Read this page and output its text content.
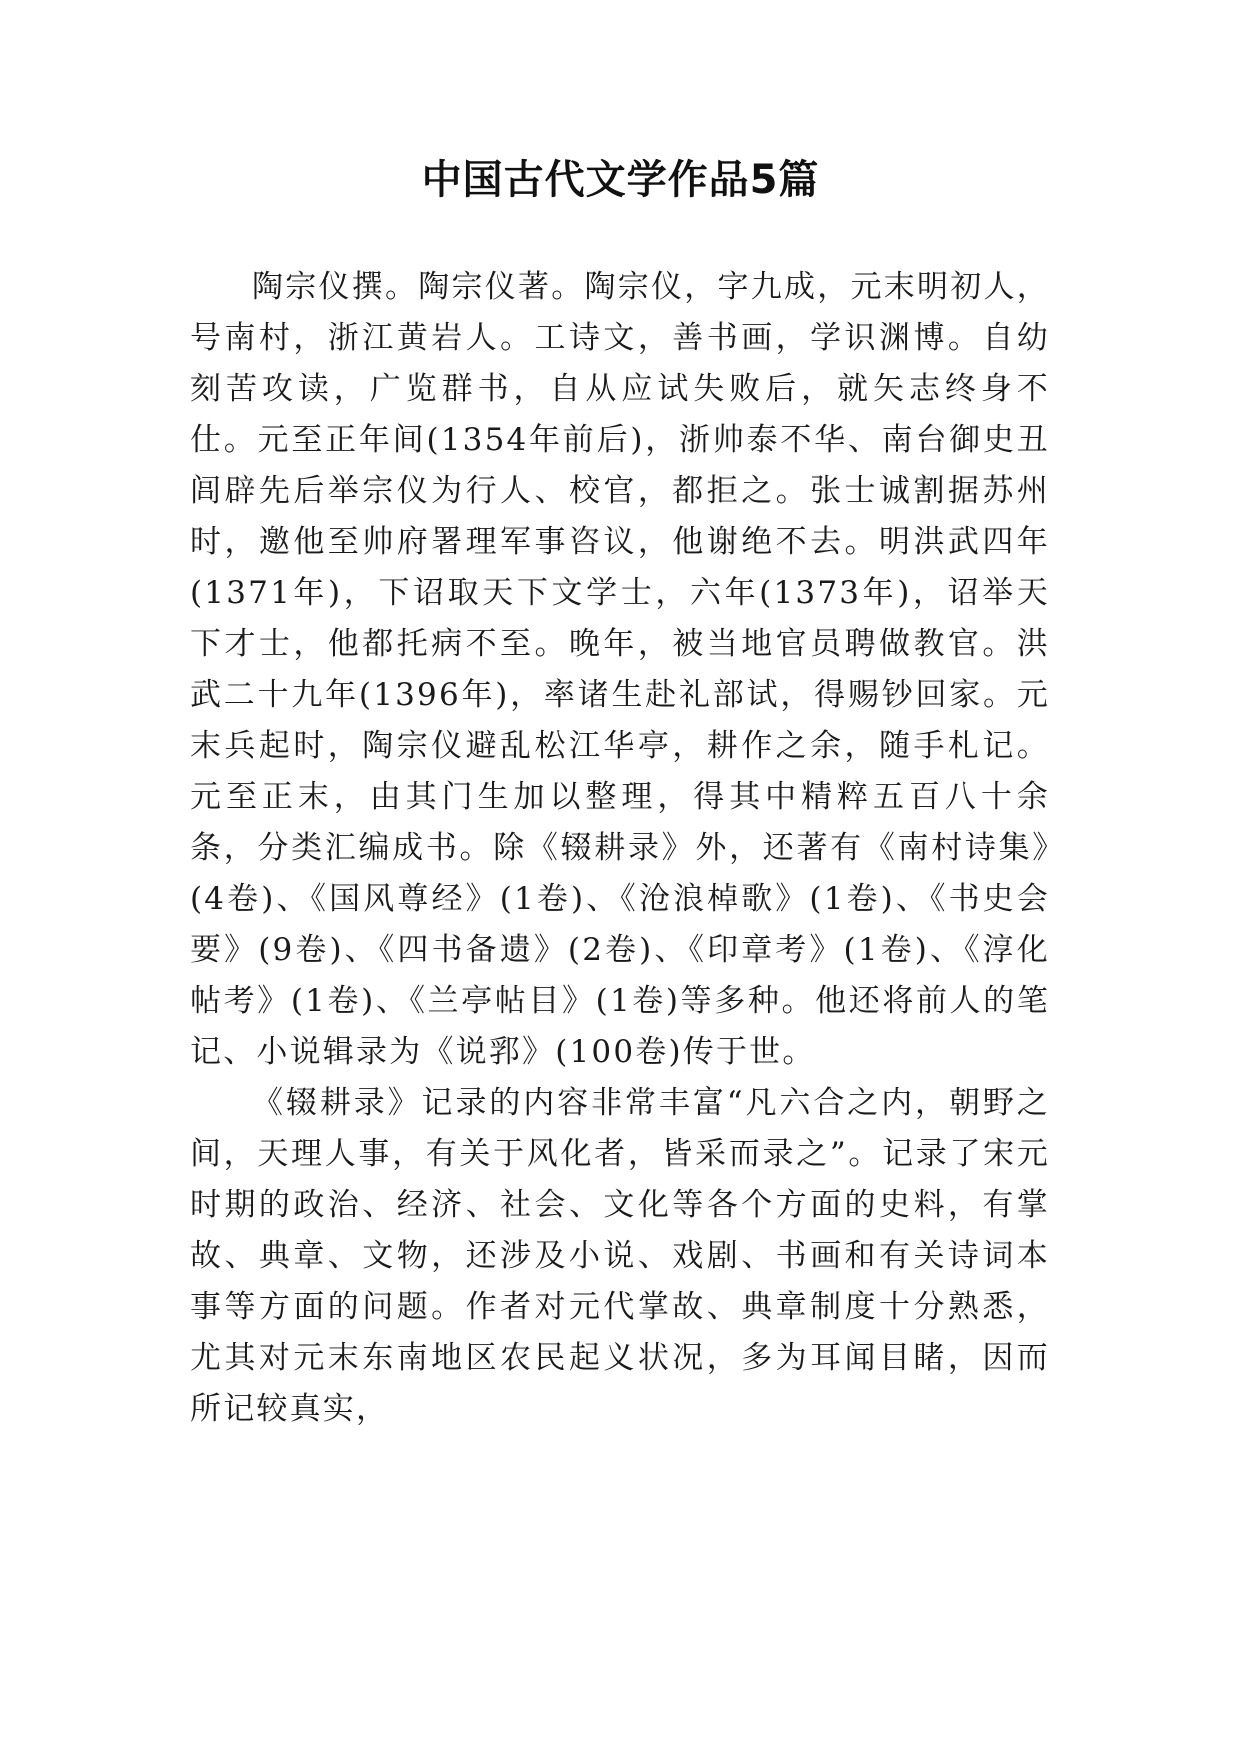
中国古代文学作品5篇

陶宗仪撰。陶宗仪著。陶宗仪，字九成，元末明初人，号南村，浙江黄岩人。工诗文，善书画，学识渊博。自幼刻苦攻读，广览群书，自从应试失败后，就矢志终身不仕。元至正年间(1354年前后)，浙帅泰不华、南台御史丑闾辟先后举宗仪为行人、校官，都拒之。张士诚割据苏州时，邀他至帅府署理军事咨议，他谢绝不去。明洪武四年(1371年)，下诏取天下文学士，六年(1373年)，诏举天下才士，他都托病不至。晚年，被当地官员聘做教官。洪武二十九年(1396年)，率诸生赴礼部试，得赐钞回家。元末兵起时，陶宗仪避乱松江华亭，耕作之余，随手札记。元至正末，由其门生加以整理，得其中精粹五百八十余条，分类汇编成书。除《辍耕录》外，还著有《南村诗集》(4卷)、《国风尊经》(1卷)、《沧浪棹歌》(1卷)、《书史会要》(9卷)、《四书备遗》(2卷)、《印章考》(1卷)、《淳化帖考》(1卷)、《兰亭帖目》(1卷)等多种。他还将前人的笔记、小说辑录为《说郛》(100卷)传于世。

《辍耕录》记录的内容非常丰富“凡六合之内，朝野之间，天理人事，有关于风化者，皆采而录之”。记录了宋元时期的政治、经济、社会、文化等各个方面的史料，有掌故、典章、文物，还涉及小说、戏剧、书画和有关诗词本事等方面的问题。作者对元代掌故、典章制度十分熟悉，尤其对元末东南地区农民起义状况，多为耳闻目睹，因而所记较真实，
